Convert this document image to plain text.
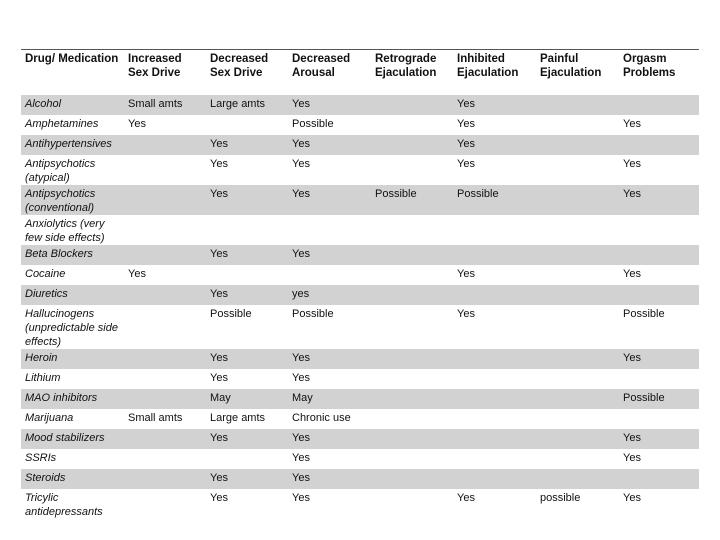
Drug/ Medication	Increased Sex Drive	Decreased Sex Drive	Decreased Arousal	Retrograde Ejaculation	Inhibited Ejaculation	Painful Ejaculation	Orgasm Problems
Alcohol	Small amts	Large amts	Yes		Yes		
Amphetamines	Yes		Possible		Yes		Yes
Antihypertensives		Yes	Yes		Yes		
Antipsychotics (atypical)		Yes	Yes		Yes		Yes
Antipsychotics (conventional)		Yes	Yes	Possible	Possible		Yes
Anxiolytics (very few side effects)							
Beta Blockers		Yes	Yes				
Cocaine	Yes				Yes		Yes
Diuretics		Yes	yes				
Hallucinogens (unpredictable side effects)		Possible	Possible		Yes		Possible
Heroin		Yes	Yes				Yes
Lithium		Yes	Yes				
MAO inhibitors		May	May				Possible
Marijuana	Small amts	Large amts	Chronic use				
Mood stabilizers		Yes	Yes				Yes
SSRIs			Yes				Yes
Steroids		Yes	Yes				
Tricylic antidepressants		Yes	Yes		Yes	possible	Yes
